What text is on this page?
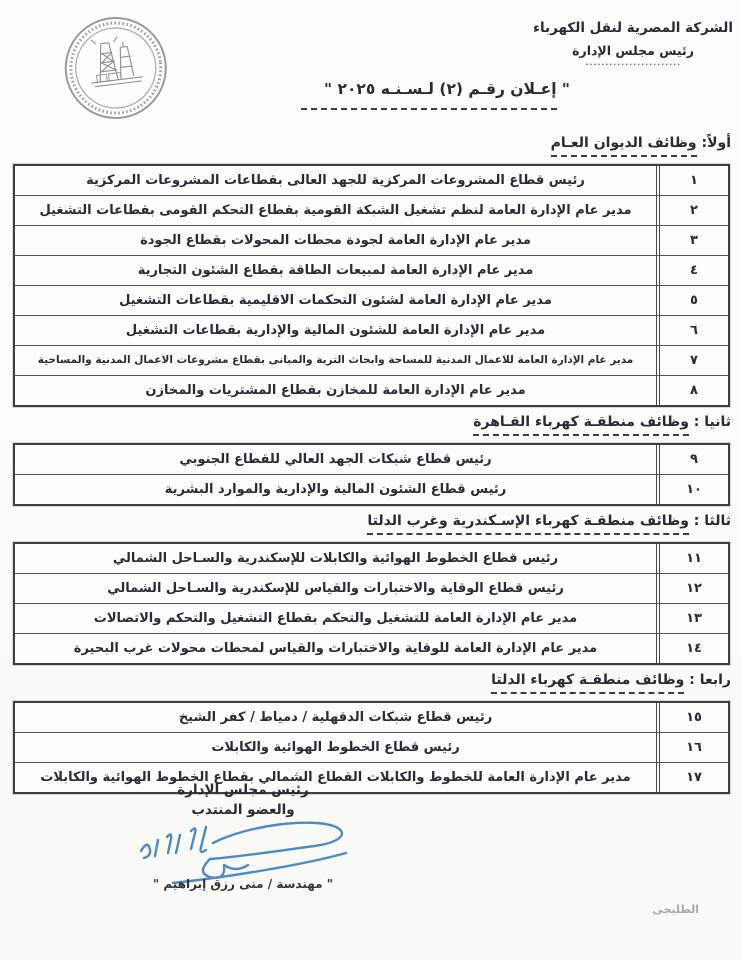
الشركة المصرية لنقل الكهرباء
رئيس مجلس الإدارة
........................
" إعـلان رقـم (٢) لـسـنـه ٢٠٢٥ "
أولاً: وظائف الديوان العـام
١
رئيس قطاع المشروعات المركزية للجهد العالى بقطاعات المشروعات المركزية
٢
مدير عام الإدارة العامة لنظم تشغيل الشبكة القومية بقطاع التحكم القومى بقطاعات التشغيل
٣
مدير عام الإدارة العامة لجودة محطات المحولات بقطاع الجودة
٤
مدير عام الإدارة العامة لمبيعات الطاقة بقطاع الشئون التجارية
٥
مدير عام الإدارة العامة لشئون التحكمات الاقليمية بقطاعات التشغيل
٦
مدير عام الإدارة العامة للشئون المالية والإدارية بقطاعات التشغيل
٧
مدير عام الإدارة العامة للاعمال المدنية للمساحة وابحاث التربة والمبانى بقطاع مشروعات الاعمال المدنية والمساحية
٨
مدير عام الإدارة العامة للمخازن بقطاع المشتريات والمخازن
ثانيا : وظائف منطقـة كهرباء القـاهرة
٩
رئيس قطاع شبكات الجهد العالي للقطاع الجنوبي
١٠
رئيس قطاع الشئون المالية والإدارية والموارد البشرية
ثالثا : وظائف منطقـة كهرباء الإسـكندرية وغرب الدلتا
١١
رئيس قطاع الخطوط الهوائية والكابلات للإسكندرية والسـاحل الشمالي
١٢
رئيس قطاع الوقاية والاختبارات والقياس للإسكندرية والسـاحل الشمالي
١٣
مدير عام الإدارة العامة للتشغيل والتحكم بقطاع التشغيل والتحكم والاتصالات
١٤
مدير عام الإدارة العامة للوقاية والاختبارات والقياس لمحطات محولات غرب البحيرة
رابعا : وظائف منطقـة كهرباء الدلتا
١٥
رئيس قطاع شبكات الدقهلية / دمياط / كفر الشيخ
١٦
رئيس قطاع الخطوط الهوائية والكابلات
١٧
مدير عام الإدارة العامة للخطوط والكابلات القطاع الشمالي بقطاع الخطوط الهوائية والكابلات
رئيس مجلس الإدارة
والعضو المنتدب
" مهندسة / منى رزق إبراهيم "
الطليجى
